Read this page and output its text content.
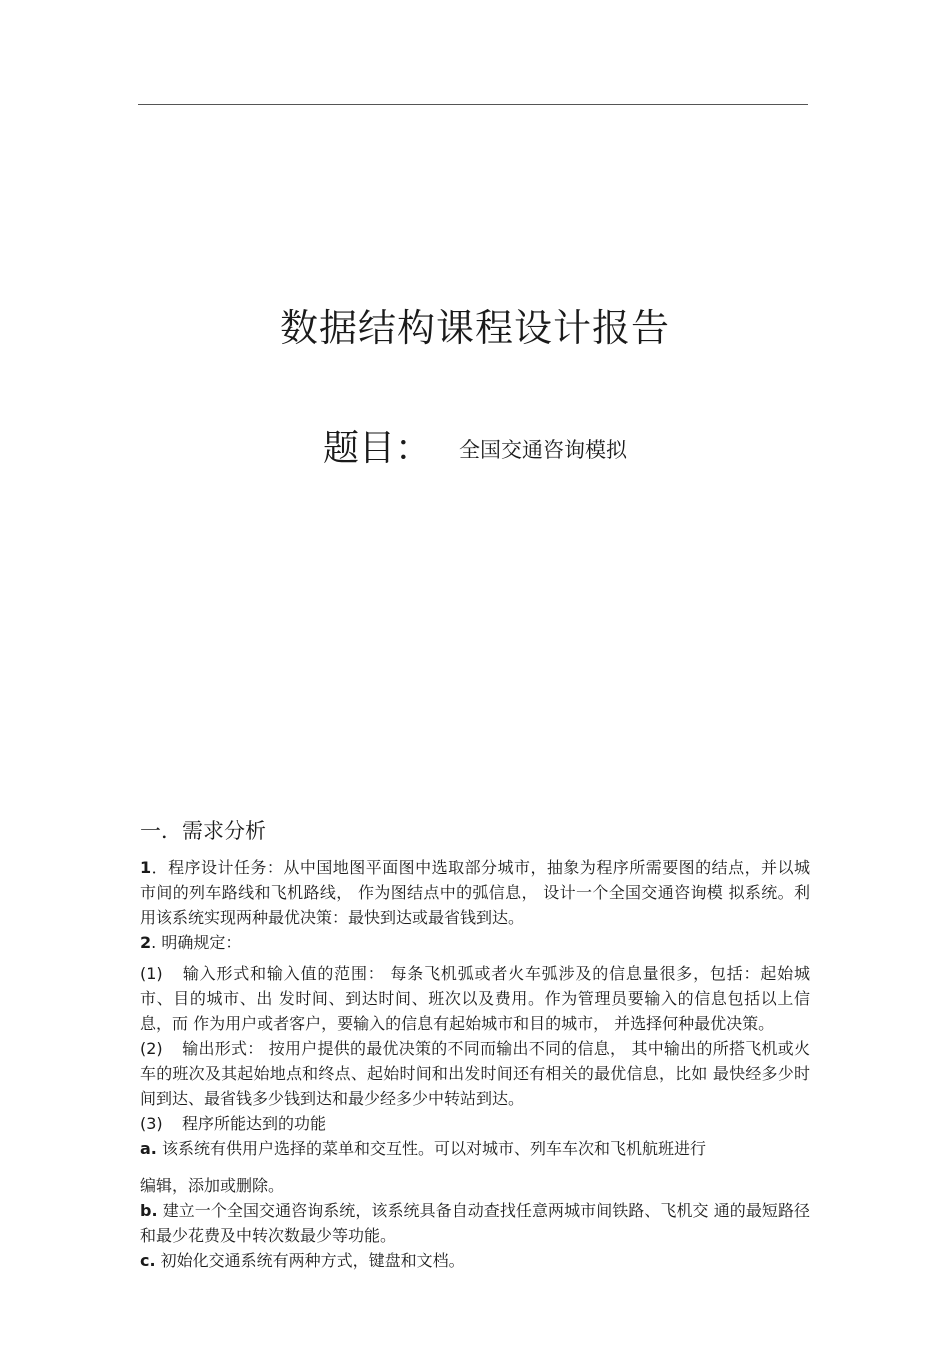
数据结构课程设计报告
题目： 全国交通咨询模拟
一．需求分析

1．程序设计任务：从中国地图平面图中选取部分城市，抽象为程序所需要图的结点，并以城 市间的列车路线和飞机路线， 作为图结点中的弧信息， 设计一个全国交通咨询模 拟系统。利用该系统实现两种最优决策：最快到达或最省钱到达。

2. 明确规定：

(1) 输入形式和输入值的范围： 每条飞机弧或者火车弧涉及的信息量很多，包括：起始城市、目的城市、出 发时间、到达时间、班次以及费用。作为管理员要输入的信息包括以上信息，而 作为用户或者客户，要输入的信息有起始城市和目的城市， 并选择何种最优决策。

(2) 输出形式： 按用户提供的最优决策的不同而输出不同的信息， 其中输出的所搭飞机或火 车的班次及其起始地点和终点、起始时间和出发时间还有相关的最优信息，比如 最快经多少时间到达、最省钱多少钱到达和最少经多少中转站到达。

(3) 程序所能达到的功能

a. 该系统有供用户选择的菜单和交互性。可以对城市、列车车次和飞机航班进行

编辑，添加或删除。

b. 建立一个全国交通咨询系统，该系统具备自动查找任意两城市间铁路、飞机交 通的最短路径和最少花费及中转次数最少等功能。

c. 初始化交通系统有两种方式，键盘和文档。
